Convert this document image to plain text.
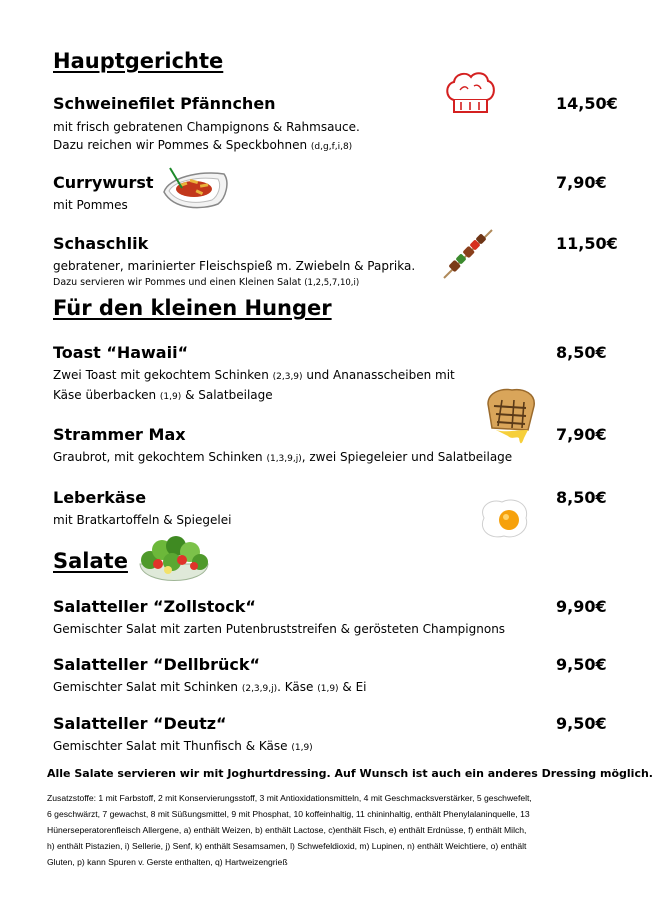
Hauptgerichte
Schweinefilet Pfännchen	14,50€
mit frisch gebratenen Champignons & Rahmsauce.
Dazu reichen wir Pommes & Speckbohnen (d,g,f,i,8)
Currywurst	7,90€
mit Pommes
Schaschlik	11,50€
gebratener, marinierter Fleischspieß m. Zwiebeln & Paprika.
Dazu servieren wir Pommes und einen Kleinen Salat (1,2,5,7,10,i)
Für den kleinen Hunger
Toast “Hawaii“	8,50€
Zwei Toast mit gekochtem Schinken (2,3,9) und Ananasscheiben mit
Käse überbacken (1,9) & Salatbeilage
Strammer Max	7,90€
Graubrot, mit gekochtem Schinken (1,3,9,j), zwei Spiegeleier und Salatbeilage
Leberkäse	8,50€
mit Bratkartoffeln & Spiegelei
Salate
Salatteller “Zollstock“	9,90€
Gemischter Salat mit zarten Putenbruststreifen & gerösteten Champignons
Salatteller “Dellbrück“	9,50€
Gemischter Salat mit Schinken (2,3,9,j). Käse (1,9) & Ei
Salatteller “Deutz“	9,50€
Gemischter Salat mit Thunfisch & Käse (1,9)
Alle Salate servieren wir mit Joghurtdressing. Auf Wunsch ist auch ein anderes Dressing möglich.
Zusatzstoffe: 1 mit Farbstoff, 2 mit Konservierungsstoff, 3 mit Antioxidationsmitteln, 4 mit Geschmacksverstärker, 5 geschwefelt,
6 geschwärzt, 7 gewachst, 8 mit Süßungsmittel, 9 mit Phosphat, 10 koffeinhaltig, 11 chininhaltig, enthält Phenylalaninquelle, 13
Hünerseperatorenfleisch Allergene, a) enthält Weizen, b) enthält Lactose, c)enthält Fisch, e) enthält Erdnüsse, f) enthält Milch,
h) enthält Pistazien, i) Sellerie, j) Senf, k) enthält Sesamsamen, l) Schwefeldioxid, m) Lupinen, n) enthält Weichtiere, o) enthält
Gluten, p) kann Spuren v. Gerste enthalten, q) Hartweizengrieß
